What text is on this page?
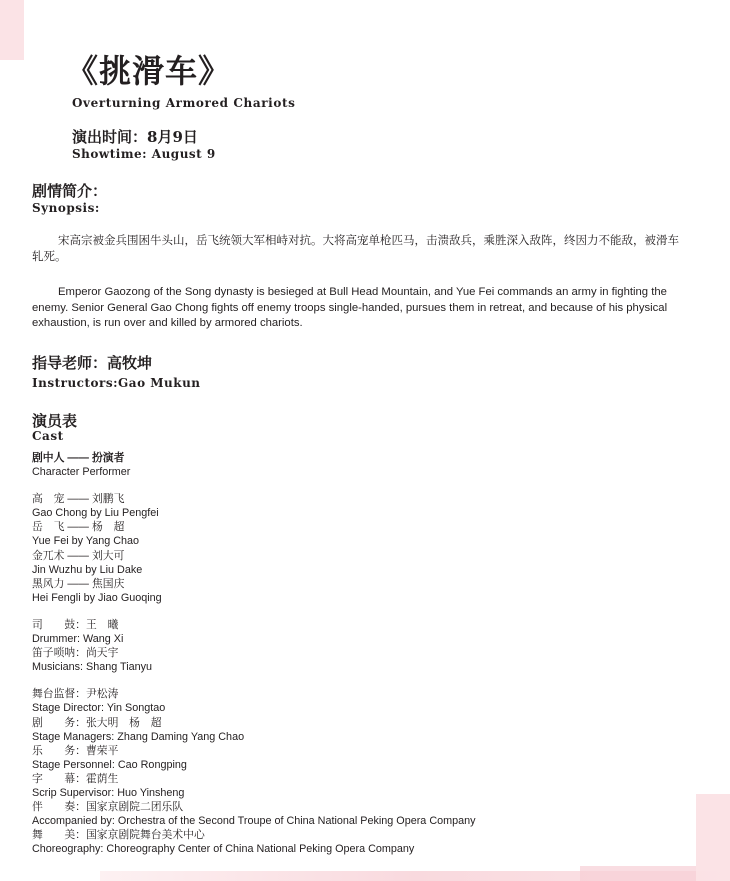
《挑滑车》

Overturning Armored Chariots

演出时间：8月9日

Showtime: August 9

剧情简介：

Synopsis:

宋高宗被金兵围困牛头山，岳飞统领大军相峙对抗。大将高宠单枪匹马，击溃敌兵，乘胜深入敌阵，终因力不能敌，被滑车轧死。

Emperor Gaozong of the Song dynasty is besieged at Bull Head Mountain, and Yue Fei commands an army in fighting the enemy. Senior General Gao Chong fights off enemy troops single-handed, pursues them in retreat, and because of his physical exhaustion, is run over and killed by armored chariots.

指导老师：高牧坤

Instructors:Gao Mukun

演员表

Cast

剧中人 —— 扮演者
Character Performer
高　宠 —— 刘鹏飞
Gao Chong by Liu Pengfei
岳　飞 —— 杨　超
Yue Fei by Yang Chao
金兀术 —— 刘大可
Jin Wuzhu by Liu Dake
黑风力 —— 焦国庆
Hei Fengli by Jiao Guoqing
司　　鼓：王　曦
Drummer: Wang Xi
笛子唢呐：尚天宇
Musicians: Shang Tianyu
舞台监督：尹松涛
Stage Director: Yin Songtao
剧　　务：张大明　杨　超
Stage Managers: Zhang Daming Yang Chao
乐　　务：曹荣平
Stage Personnel: Cao Rongping
字　　幕：霍荫生
Scrip Supervisor: Huo Yinsheng
伴　　奏：国家京剧院二团乐队
Accompanied by: Orchestra of the Second Troupe of China National Peking Opera Company
舞　　美：国家京剧院舞台美术中心
Choreography: Choreography Center of China National Peking Opera Company
